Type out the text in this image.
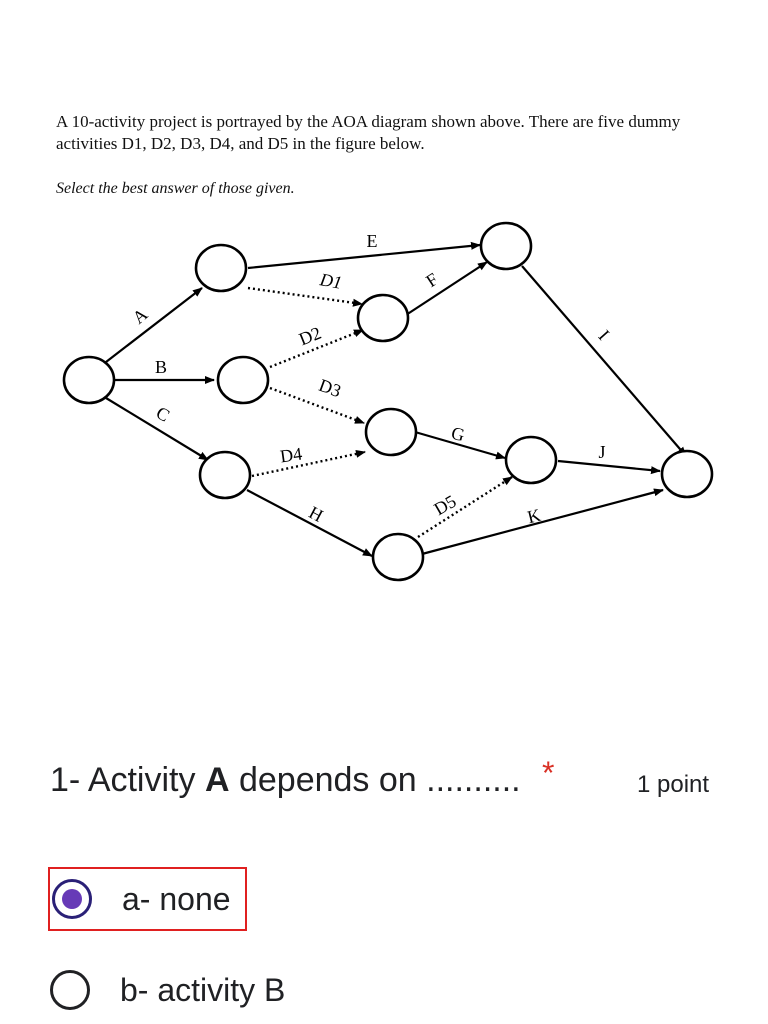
A 10-activity project is portrayed by the AOA diagram shown above. There are five dummy activities D1, D2, D3, D4, and D5 in the figure below.
Select the best answer of those given.
A
B
C
E
F
I
G
H
J
K
D1
D2
D3
D4
D5
1- Activity A depends on .......... *	1 point
a- none
b- activity B
